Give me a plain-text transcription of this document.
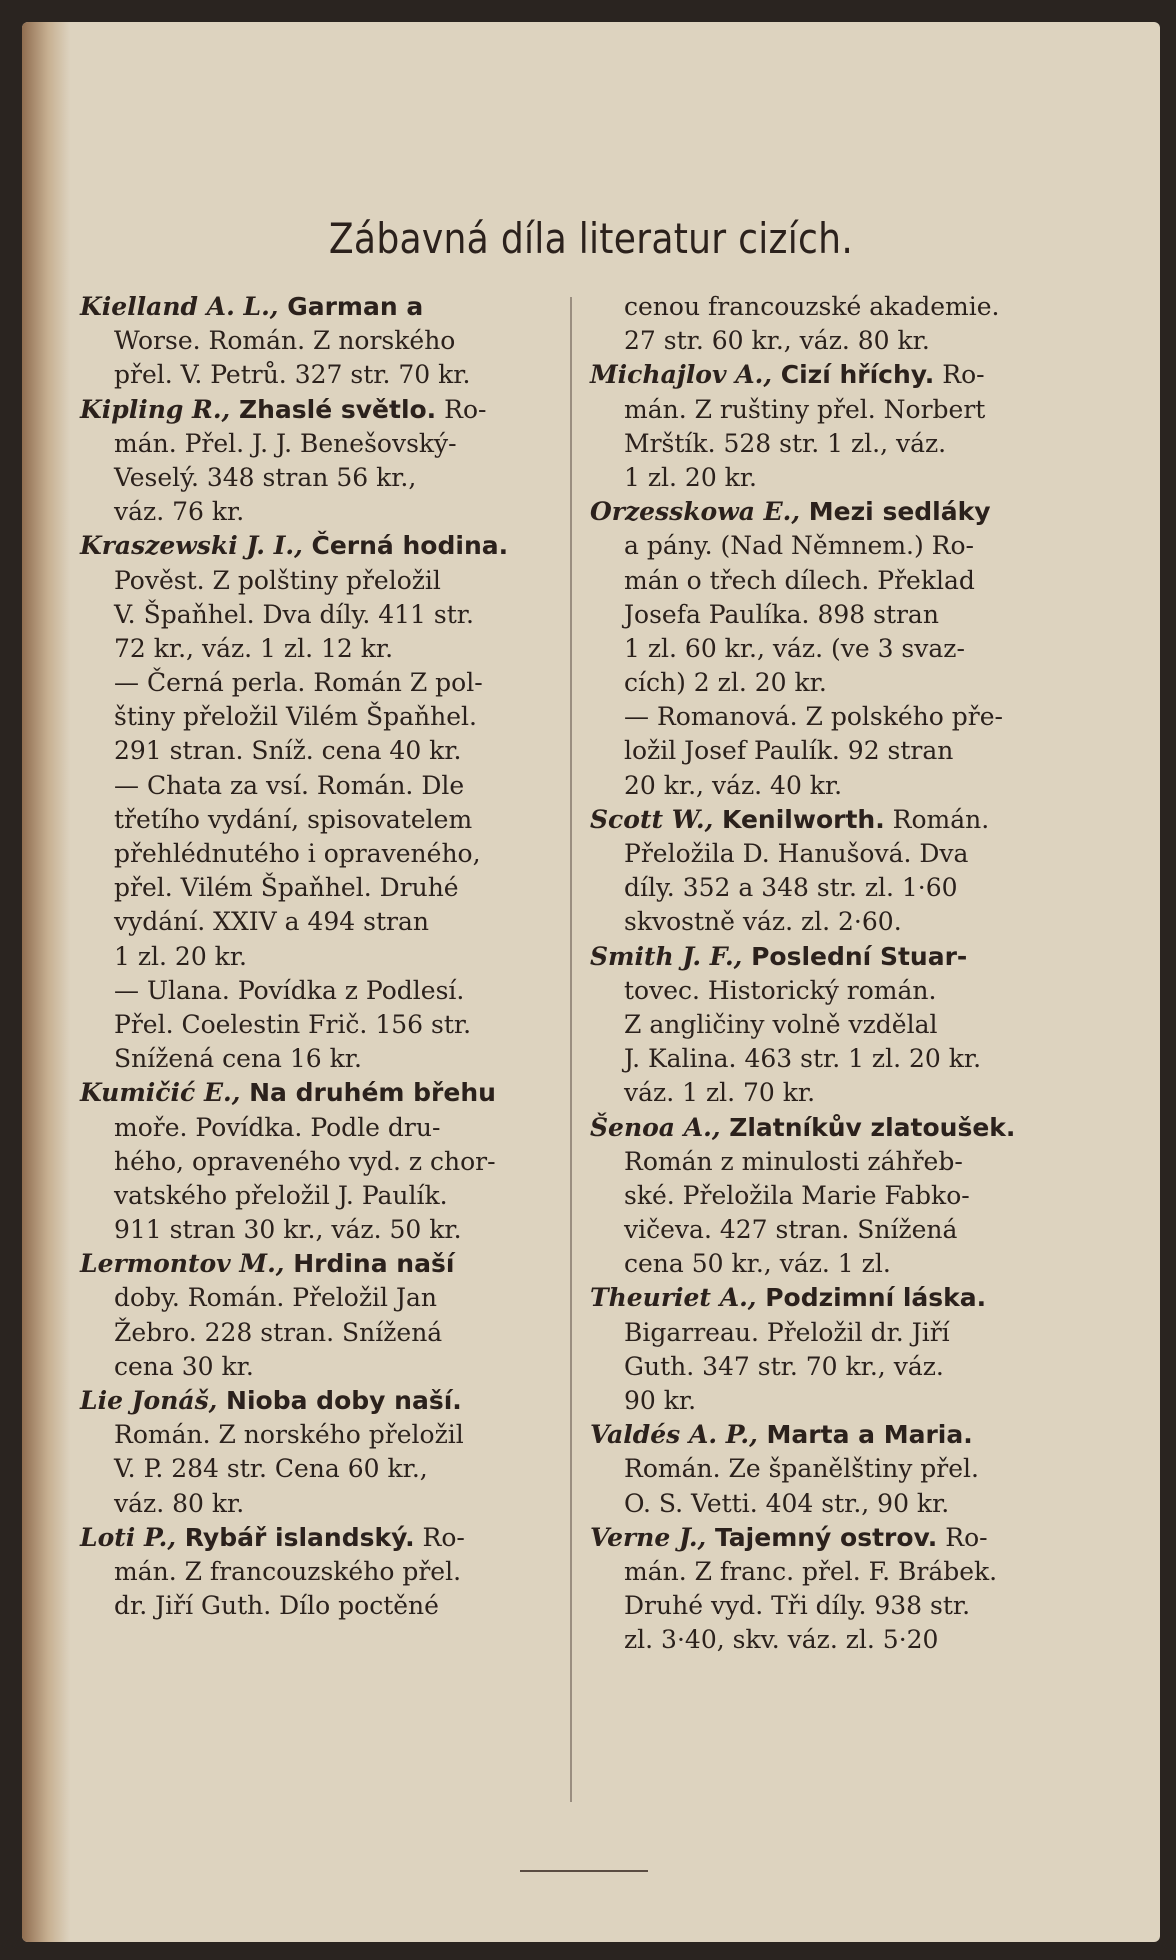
Zábavná díla literatur cizích.
Kielland A. L., Garman a
Worse. Román. Z norského
přel. V. Petrů. 327 str. 70 kr.
Kipling R., Zhaslé světlo. Ro-
mán. Přel. J. J. Benešovský-
Veselý. 348 stran 56 kr.,
váz. 76 kr.
Kraszewski J. I., Černá hodina.
Pověst. Z polštiny přeložil
V. Špaňhel. Dva díly. 411 str.
72 kr., váz. 1 zl. 12 kr.
— Černá perla. Román Z pol-
štiny přeložil Vilém Špaňhel.
291 stran. Sníž. cena 40 kr.
— Chata za vsí. Román. Dle
třetího vydání, spisovatelem
přehlédnutého i opraveného,
přel. Vilém Špaňhel. Druhé
vydání. XXIV a 494 stran
1 zl. 20 kr.
— Ulana. Povídka z Podlesí.
Přel. Coelestin Frič. 156 str.
Snížená cena 16 kr.
Kumičić E., Na druhém břehu
moře. Povídka. Podle dru-
hého, opraveného vyd. z chor-
vatského přeložil J. Paulík.
911 stran 30 kr., váz. 50 kr.
Lermontov M., Hrdina naší
doby. Román. Přeložil Jan
Žebro. 228 stran. Snížená
cena 30 kr.
Lie Jonáš, Nioba doby naší.
Román. Z norského přeložil
V. P. 284 str. Cena 60 kr.,
váz. 80 kr.
Loti P., Rybář islandský. Ro-
mán. Z francouzského přel.
dr. Jiří Guth. Dílo poctěné
cenou francouzské akademie.
27 str. 60 kr., váz. 80 kr.
Michajlov A., Cizí hříchy. Ro-
mán. Z ruštiny přel. Norbert
Mrštík. 528 str. 1 zl., váz.
1 zl. 20 kr.
Orzesskowa E., Mezi sedláky
a pány. (Nad Němnem.) Ro-
mán o třech dílech. Překlad
Josefa Paulíka. 898 stran
1 zl. 60 kr., váz. (ve 3 svaz-
cích) 2 zl. 20 kr.
— Romanová. Z polského pře-
ložil Josef Paulík. 92 stran
20 kr., váz. 40 kr.
Scott W., Kenilworth. Román.
Přeložila D. Hanušová. Dva
díly. 352 a 348 str. zl. 1·60
skvostně váz. zl. 2·60.
Smith J. F., Poslední Stuar-
tovec. Historický román.
Z angličiny volně vzdělal
J. Kalina. 463 str. 1 zl. 20 kr.
váz. 1 zl. 70 kr.
Šenoa A., Zlatníkův zlatoušek.
Román z minulosti záhřeb-
ské. Přeložila Marie Fabko-
vičeva. 427 stran. Snížená
cena 50 kr., váz. 1 zl.
Theuriet A., Podzimní láska.
Bigarreau. Přeložil dr. Jiří
Guth. 347 str. 70 kr., váz.
90 kr.
Valdés A. P., Marta a Maria.
Román. Ze španělštiny přel.
O. S. Vetti. 404 str., 90 kr.
Verne J., Tajemný ostrov. Ro-
mán. Z franc. přel. F. Brábek.
Druhé vyd. Tři díly. 938 str.
zl. 3·40, skv. váz. zl. 5·20
